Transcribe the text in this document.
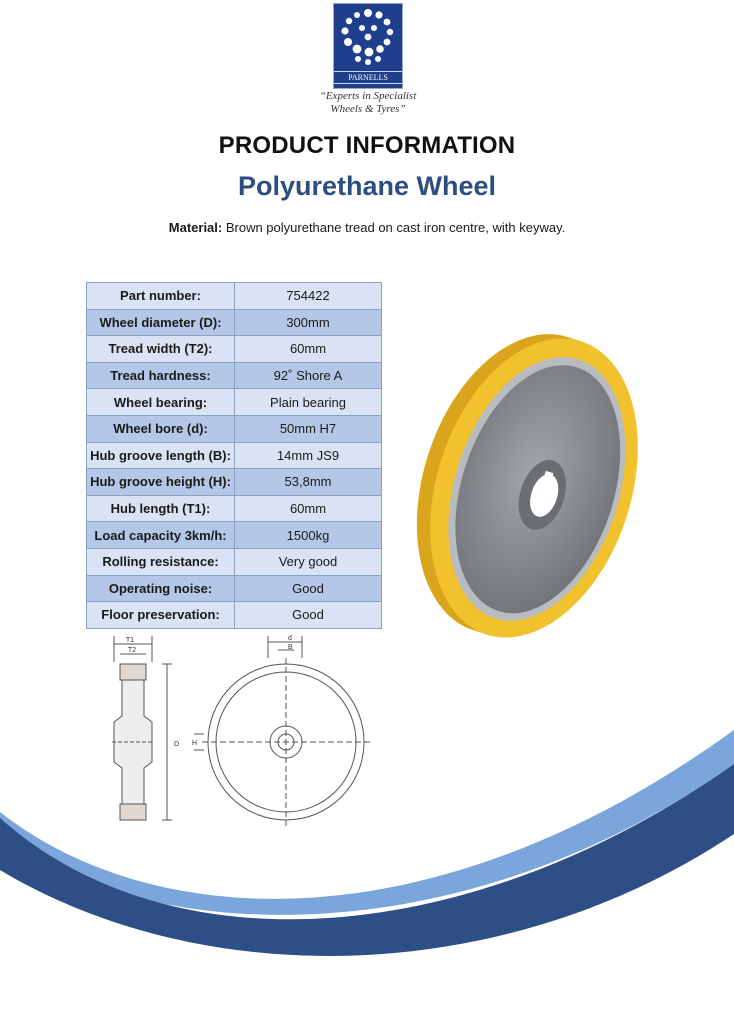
PARNELLS
“Experts in Specialist
Wheels & Tyres”
PRODUCT INFORMATION
Polyurethane Wheel
Material: Brown polyurethane tread on cast iron centre, with keyway.
Part number:	754422
Wheel diameter (D):	300mm
Tread width (T2):	60mm
Tread hardness:	92˚ Shore A
Wheel bearing:	Plain bearing
Wheel bore (d):	50mm H7
Hub groove length (B):	14mm JS9
Hub groove height (H):	53,8mm
Hub length (T1):	60mm
Load capacity 3km/h:	1500kg
Rolling resistance:	Very good
Operating noise:	Good
Floor preservation:	Good
T1
T2
D
d
B
H
